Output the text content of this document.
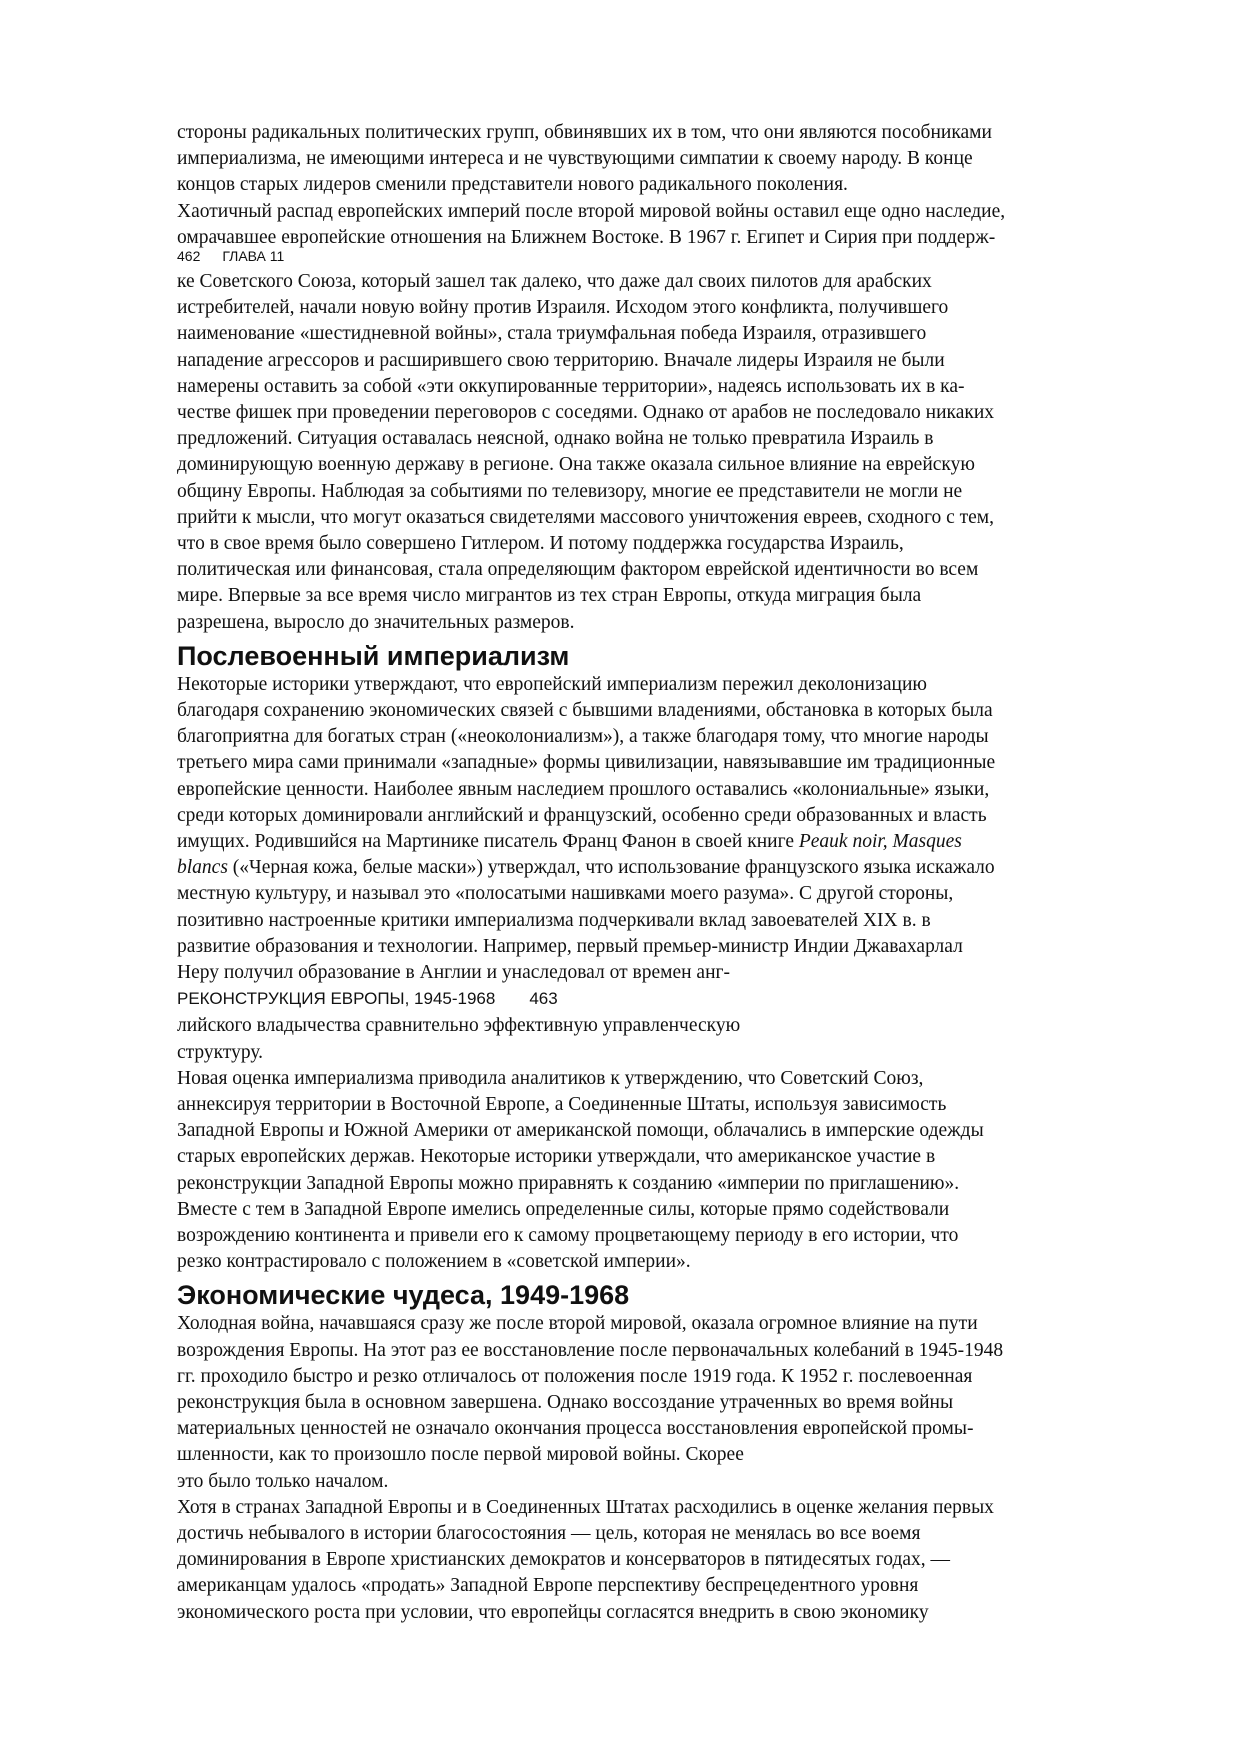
стороны радикальных политических групп, обвинявших их в том, что они являются пособниками
империализма, не имеющими интереса и не чувствующими симпатии к своему народу. В конце
концов старых лидеров сменили представители нового радикального поколения.
Хаотичный распад европейских империй после второй мировой войны оставил еще одно наследие,
омрачавшее европейские отношения на Ближнем Востоке. В 1967 г. Египет и Сирия при поддерж-
462 ГЛАВА 11
ке Советского Союза, который зашел так далеко, что даже дал своих пилотов для арабских
истребителей, начали новую войну против Израиля. Исходом этого конфликта, получившего
наименование «шестидневной войны», стала триумфальная победа Израиля, отразившего
нападение агрессоров и расширившего свою территорию. Вначале лидеры Израиля не были
намерены оставить за собой «эти оккупированные территории», надеясь использовать их в ка-
честве фишек при проведении переговоров с соседями. Однако от арабов не последовало никаких
предложений. Ситуация оставалась неясной, однако война не только превратила Израиль в
доминирующую военную державу в регионе. Она также оказала сильное влияние на еврейскую
общину Европы. Наблюдая за событиями по телевизору, многие ее представители не могли не
прийти к мысли, что могут оказаться свидетелями массового уничтожения евреев, сходного с тем,
что в свое время было совершено Гитлером. И потому поддержка государства Израиль,
политическая или финансовая, стала определяющим фактором еврейской идентичности во всем
мире. Впервые за все время число мигрантов из тех стран Европы, откуда миграция была
разрешена, выросло до значительных размеров.
Послевоенный империализм
Некоторые историки утверждают, что европейский империализм пережил деколонизацию
благодаря сохранению экономических связей с бывшими владениями, обстановка в которых была
благоприятна для богатых стран («неоколониализм»), а также благодаря тому, что многие народы
третьего мира сами принимали «западные» формы цивилизации, навязывавшие им традиционные
европейские ценности. Наиболее явным наследием прошлого оставались «колониальные» языки,
среди которых доминировали английский и французский, особенно среди образованных и власть
имущих. Родившийся на Мартинике писатель Франц Фанон в своей книге Peauk noir, Masques
blancs («Черная кожа, белые маски») утверждал, что использование французского языка искажало
местную культуру, и называл это «полосатыми нашивками моего разума». С другой стороны,
позитивно настроенные критики империализма подчеркивали вклад завоевателей XIX в. в
развитие образования и технологии. Например, первый премьер-министр Индии Джавахарлал
Неру получил образование в Англии и унаследовал от времен анг-
РЕКОНСТРУКЦИЯ ЕВРОПЫ, 1945-1968 463
лийского владычества сравнительно эффективную управленческую
структуру.
Новая оценка империализма приводила аналитиков к утверждению, что Советский Союз,
аннексируя территории в Восточной Европе, а Соединенные Штаты, используя зависимость
Западной Европы и Южной Америки от американской помощи, облачались в имперские одежды
старых европейских держав. Некоторые историки утверждали, что американское участие в
реконструкции Западной Европы можно приравнять к созданию «империи по приглашению».
Вместе с тем в Западной Европе имелись определенные силы, которые прямо содействовали
возрождению континента и привели его к самому процветающему периоду в его истории, что
резко контрастировало с положением в «советской империи».
Экономические чудеса, 1949-1968
Холодная война, начавшаяся сразу же после второй мировой, оказала огромное влияние на пути
возрождения Европы. На этот раз ее восстановление после первоначальных колебаний в 1945-1948
гг. проходило быстро и резко отличалось от положения после 1919 года. К 1952 г. послевоенная
реконструкция была в основном завершена. Однако воссоздание утраченных во время войны
материальных ценностей не означало окончания процесса восстановления европейской промы-
шленности, как то произошло после первой мировой войны. Скорее
это было только началом.
Хотя в странах Западной Европы и в Соединенных Штатах расходились в оценке желания первых
достичь небывалого в истории благосостояния — цель, которая не менялась во все воемя
доминирования в Европе христианских демократов и консерваторов в пятидесятых годах, —
американцам удалось «продать» Западной Европе перспективу беспрецедентного уровня
экономического роста при условии, что европейцы согласятся внедрить в свою экономику
